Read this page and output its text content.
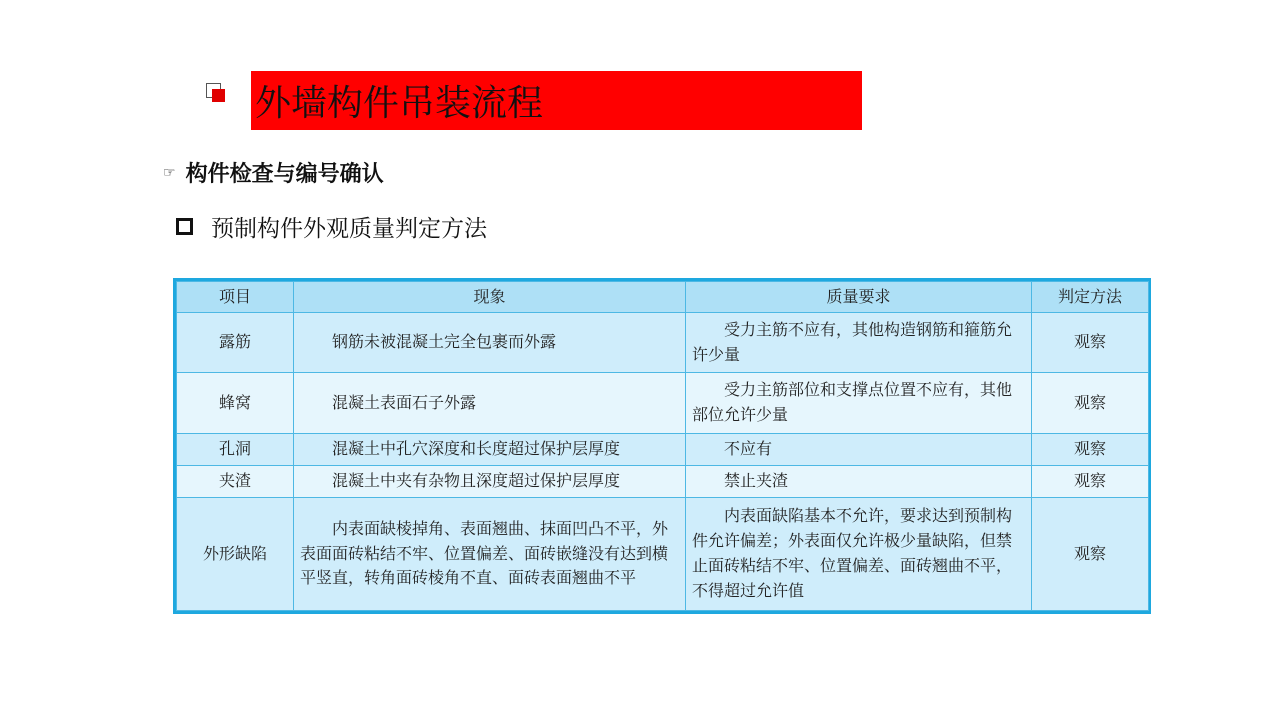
外墙构件吊装流程
☞ 构件检查与编号确认
预制构件外观质量判定方法
项目	现象	质量要求	判定方法
露筋	钢筋未被混凝土完全包裹而外露	受力主筋不应有，其他构造钢筋和箍筋允许少量	观察
蜂窝	混凝土表面石子外露	受力主筋部位和支撑点位置不应有，其他部位允许少量	观察
孔洞	混凝土中孔穴深度和长度超过保护层厚度	不应有	观察
夹渣	混凝土中夹有杂物且深度超过保护层厚度	禁止夹渣	观察
外形缺陷	内表面缺棱掉角、表面翘曲、抹面凹凸不平，外表面面砖粘结不牢、位置偏差、面砖嵌缝没有达到横平竖直，转角面砖棱角不直、面砖表面翘曲不平	内表面缺陷基本不允许，要求达到预制构件允许偏差；外表面仅允许极少量缺陷，但禁止面砖粘结不牢、位置偏差、面砖翘曲不平，不得超过允许值	观察
